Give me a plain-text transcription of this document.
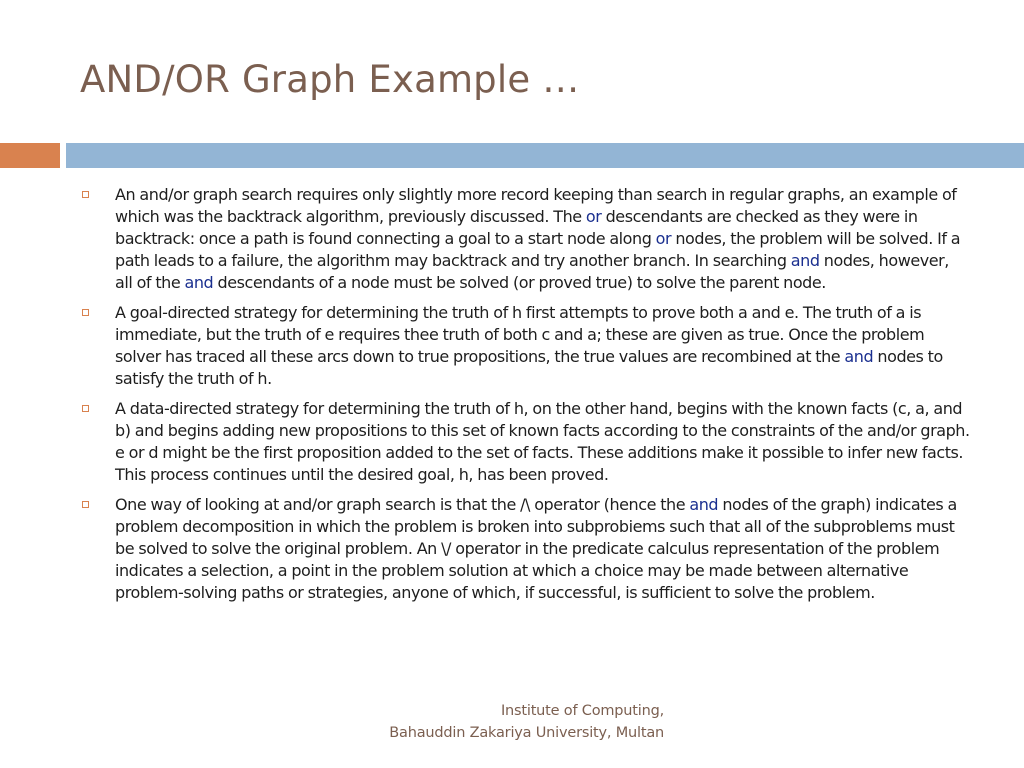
AND/OR Graph Example …
An and/or graph search requires only slightly more record keeping than search in regular graphs, an example of which was the backtrack algorithm, previously discussed. The or descendants are checked as they were in backtrack: once a path is found connecting a goal to a start node along or nodes, the problem will be solved. If a path leads to a failure, the algorithm may backtrack and try another branch. In searching and nodes, however, all of the and descendants of a node must be solved (or proved true) to solve the parent node.
A goal-directed strategy for determining the truth of h first attempts to prove both a and e. The truth of a is immediate, but the truth of e requires thee truth of both c and a; these are given as true. Once the problem solver has traced all these arcs down to true propositions, the true values are recombined at the and nodes to satisfy the truth of h.
A data-directed strategy for determining the truth of h, on the other hand, begins with the known facts (c, a, and b) and begins adding new propositions to this set of known facts according to the constraints of the and/or graph. e or d might be the first proposition added to the set of facts. These additions make it possible to infer new facts. This process continues until the desired goal, h, has been proved.
One way of looking at and/or graph search is that the /\ operator (hence the and nodes of the graph) indicates a problem decomposition in which the problem is broken into subprobiems such that all of the subproblems must be solved to solve the original problem. An \/ operator in the predicate calculus representation of the problem indicates a selection, a point in the problem solution at which a choice may be made between alternative problem-solving paths or strategies, anyone of which, if successful, is sufficient to solve the problem.
Institute of Computing,
Bahauddin Zakariya University, Multan
